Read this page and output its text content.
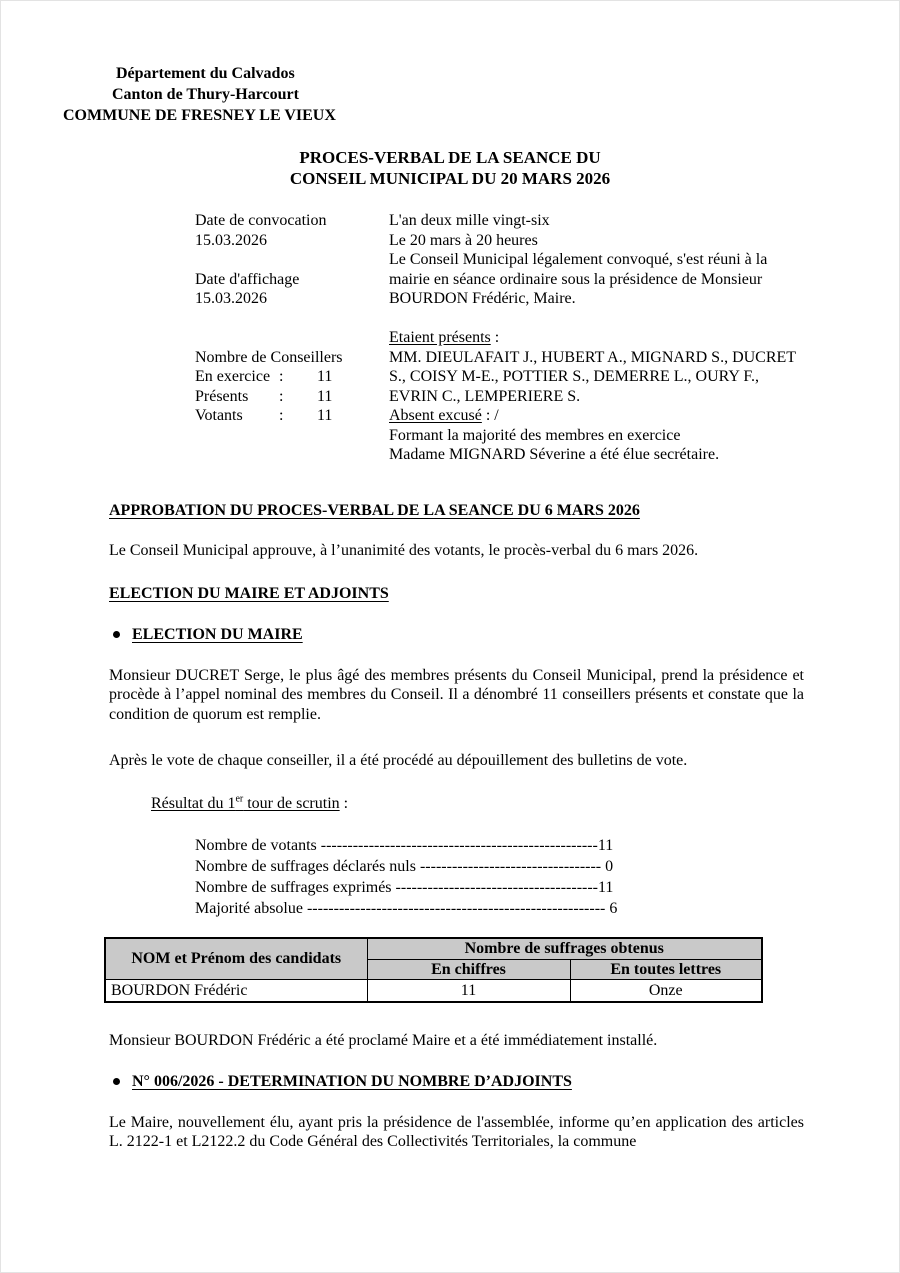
Département du Calvados
Canton de Thury-Harcourt
COMMUNE DE FRESNEY LE VIEUX
PROCES-VERBAL DE LA SEANCE DU
CONSEIL MUNICIPAL DU 20 MARS 2026
Date de convocation
15.03.2026
Date d'affichage
15.03.2026
Nombre de Conseillers
En exercice :	11
Présents	:	11
Votants	:	11
L'an deux mille vingt-six
Le 20 mars à 20 heures
Le Conseil Municipal légalement convoqué, s'est réuni à la mairie en séance ordinaire sous la présidence de Monsieur BOURDON Frédéric, Maire.
Etaient présents :
MM. DIEULAFAIT J., HUBERT A., MIGNARD S., DUCRET S., COISY M-E., POTTIER S., DEMERRE L., OURY F., EVRIN C., LEMPERIERE S.
Absent excusé : /
Formant la majorité des membres en exercice
Madame MIGNARD Séverine a été élue secrétaire.
APPROBATION DU PROCES-VERBAL DE LA SEANCE DU 6 MARS 2026

Le Conseil Municipal approuve, à l’unanimité des votants, le procès-verbal du 6 mars 2026.

ELECTION DU MAIRE ET ADJOINTS
ELECTION DU MAIRE

Monsieur DUCRET Serge, le plus âgé des membres présents du Conseil Municipal, prend la présidence et procède à l’appel nominal des membres du Conseil. Il a dénombré 11 conseillers présents et constate que la condition de quorum est remplie.

Après le vote de chaque conseiller, il a été procédé au dépouillement des bulletins de vote.

Résultat du 1er tour de scrutin :
Nombre de votants ----------------------------------------------------11
Nombre de suffrages déclarés nuls ---------------------------------- 0
Nombre de suffrages exprimés --------------------------------------11
Majorité absolue -------------------------------------------------------- 6
NOM et Prénom des candidats	Nombre de suffrages obtenus	
	En chiffres	En toutes lettres
BOURDON Frédéric	11	Onze

Monsieur BOURDON Frédéric a été proclamé Maire et a été immédiatement installé.

N° 006/2026 - DETERMINATION DU NOMBRE D’ADJOINTS

Le Maire, nouvellement élu, ayant pris la présidence de l'assemblée, informe qu’en application des articles L. 2122-1 et L2122.2 du Code Général des Collectivités Territoriales, la commune
